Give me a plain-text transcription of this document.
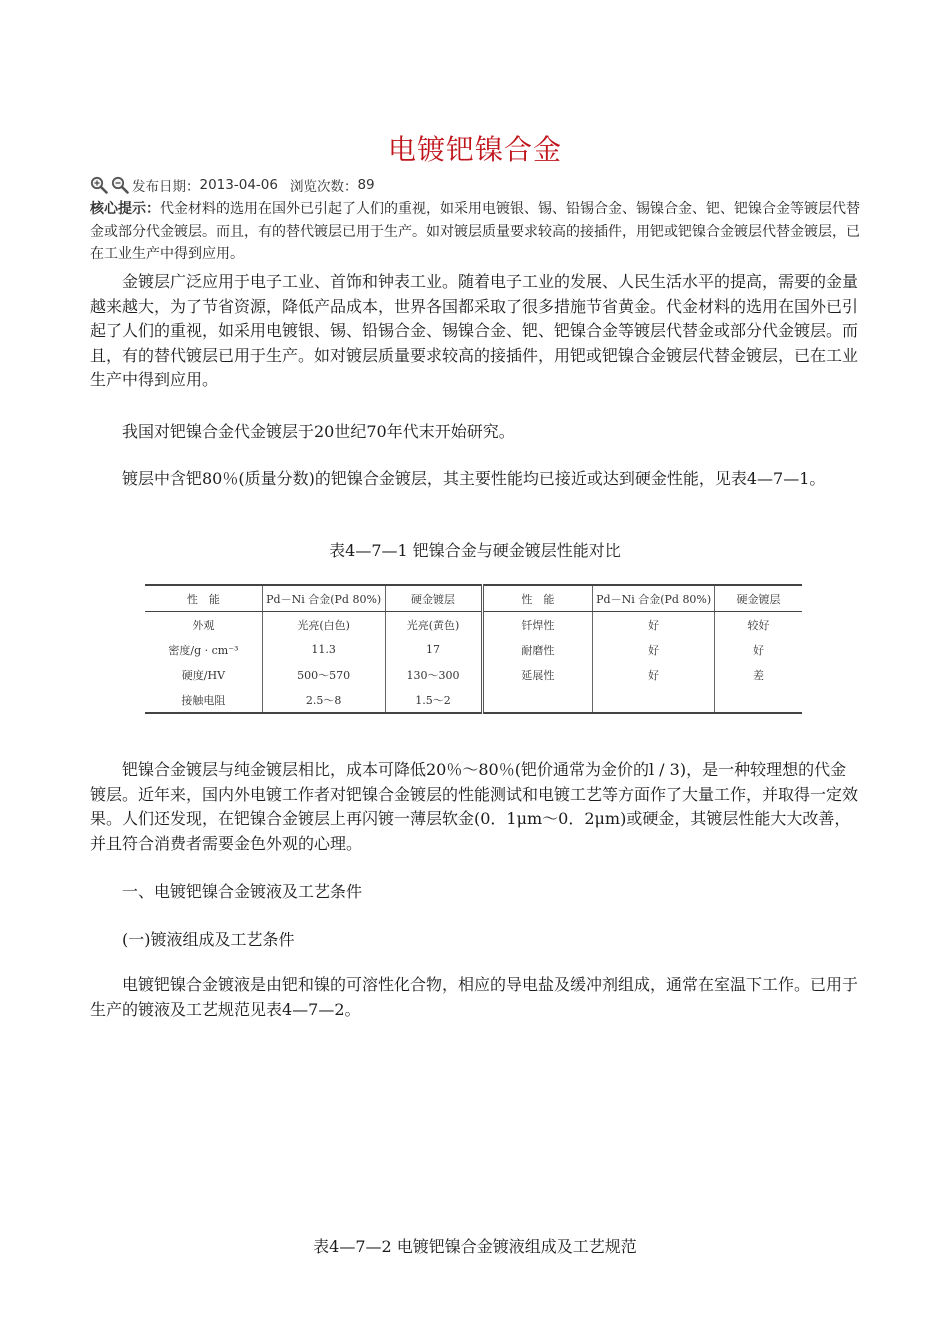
电镀钯镍合金
发布日期： 2013-04-06 浏览次数： 89
核心提示：代金材料的选用在国外已引起了人们的重视，如采用电镀银、锡、铅锡合金、锡镍合金、钯、钯镍合金等镀层代替金或部分代金镀层。而且，有的替代镀层已用于生产。如对镀层质量要求较高的接插件，用钯或钯镍合金镀层代替金镀层，已在工业生产中得到应用。
金镀层广泛应用于电子工业、首饰和钟表工业。随着电子工业的发展、人民生活水平的提高，需要的金量越来越大，为了节省资源，降低产品成本，世界各国都采取了很多措施节省黄金。代金材料的选用在国外已引起了人们的重视，如采用电镀银、锡、铅锡合金、锡镍合金、钯、钯镍合金等镀层代替金或部分代金镀层。而且，有的替代镀层已用于生产。如对镀层质量要求较高的接插件，用钯或钯镍合金镀层代替金镀层，已在工业生产中得到应用。
我国对钯镍合金代金镀层于20世纪70年代末开始研究。
镀层中含钯80％(质量分数)的钯镍合金镀层，其主要性能均已接近或达到硬金性能，见表4—7—1。
表4—7—1 钯镍合金与硬金镀层性能对比
性　能	Pd－Ni 合金(Pd 80%)	硬金镀层	性　能	Pd－Ni 合金(Pd 80%)	硬金镀层
外观	光亮(白色)	光亮(黄色)	钎焊性	好	较好
密度/g · cm⁻³	11.3	17	耐磨性	好	好
硬度/HV	500～570	130～300	延展性	好	差
接触电阻	2.5～8	1.5～2			
钯镍合金镀层与纯金镀层相比，成本可降低20％～80％(钯价通常为金价的l / 3)，是一种较理想的代金镀层。近年来，国内外电镀工作者对钯镍合金镀层的性能测试和电镀工艺等方面作了大量工作，并取得一定效果。人们还发现，在钯镍合金镀层上再闪镀一薄层软金(0．1μm～0．2μm)或硬金，其镀层性能大大改善，并且符合消费者需要金色外观的心理。
一、电镀钯镍合金镀液及工艺条件
(一)镀液组成及工艺条件
电镀钯镍合金镀液是由钯和镍的可溶性化合物，相应的导电盐及缓冲剂组成，通常在室温下工作。已用于生产的镀液及工艺规范见表4—7—2。
表4—7—2 电镀钯镍合金镀液组成及工艺规范
